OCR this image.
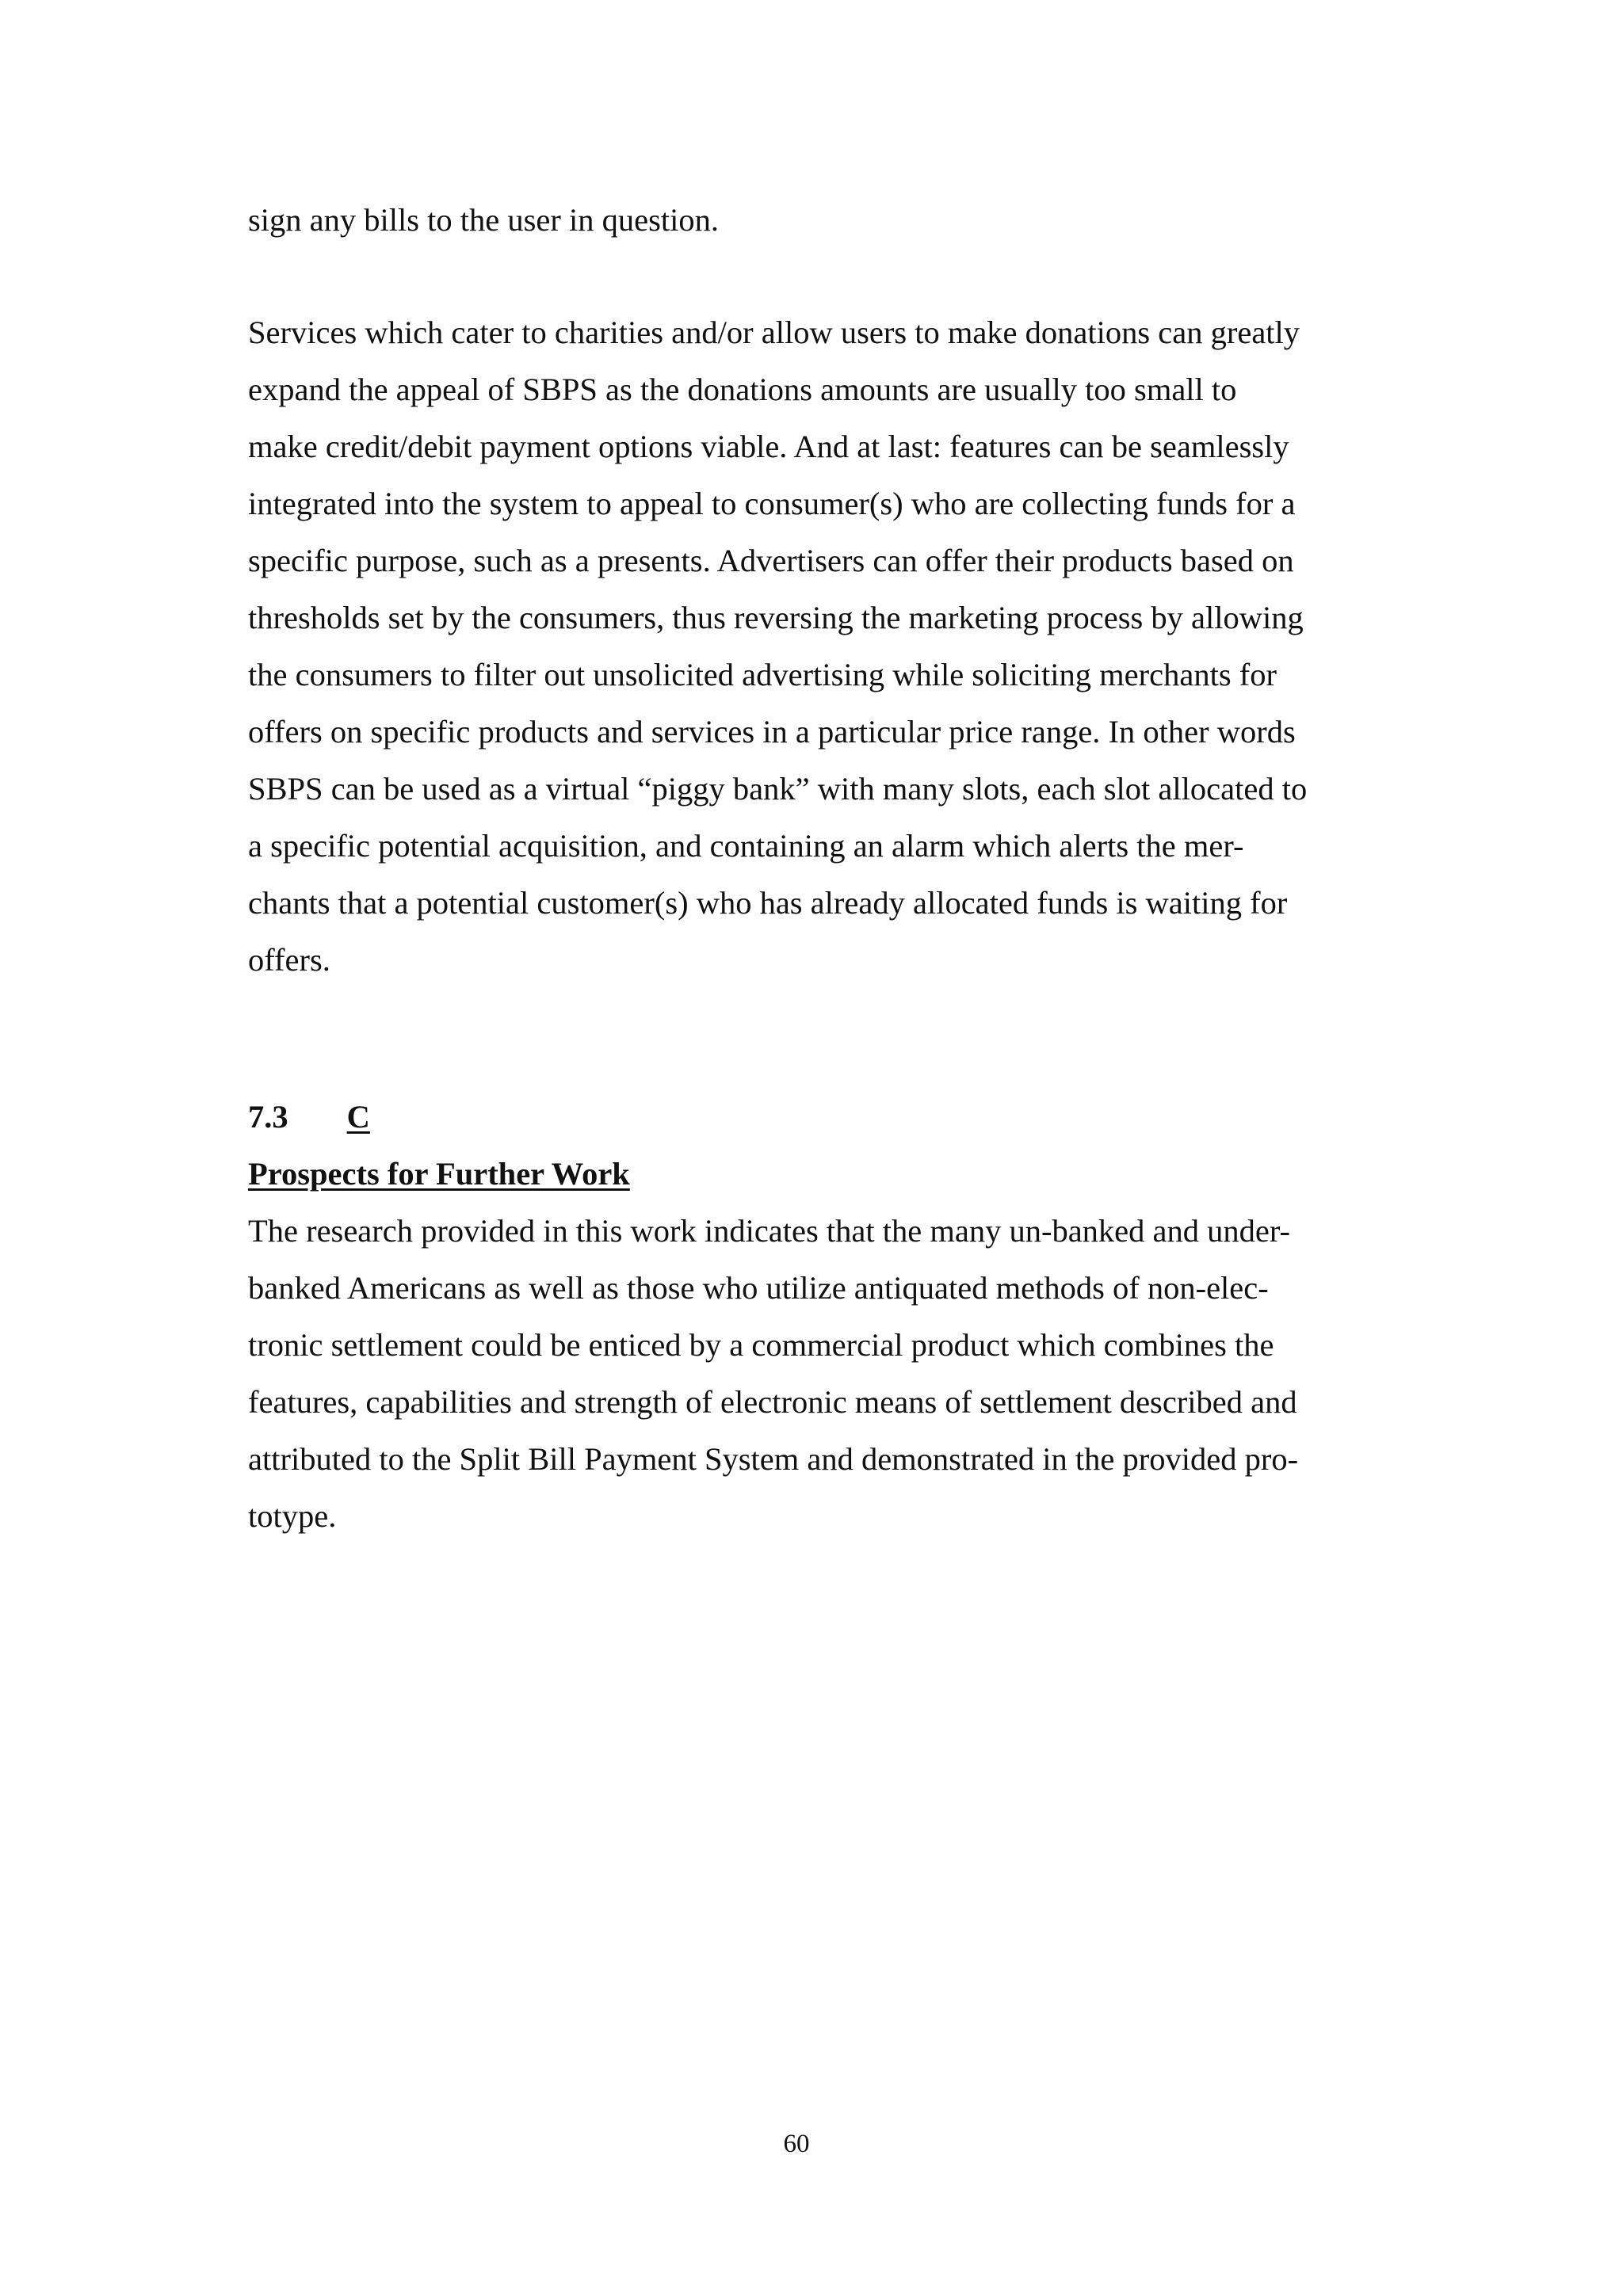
sign any bills to the user in question.
Services which cater to charities and/or allow users to make donations can greatly
expand the appeal of SBPS as the donations amounts are usually too small to
make credit/debit payment options viable. And at last: features can be seamlessly
integrated into the system to appeal to consumer(s) who are collecting funds for a
specific purpose, such as a presents. Advertisers can offer their products based on
thresholds set by the consumers, thus reversing the marketing process by allowing
the consumers to filter out unsolicited advertising while soliciting merchants for
offers on specific products and services in a particular price range. In other words
SBPS can be used as a virtual “piggy bank” with many slots, each slot allocated to
a specific potential acquisition, and containing an alarm which alerts the mer-
chants that a potential customer(s) who has already allocated funds is waiting for
offers.
7.3 C
Prospects for Further Work
The research provided in this work indicates that the many un-banked and under-
banked Americans as well as those who utilize antiquated methods of non-elec-
tronic settlement could be enticed by a commercial product which combines the
features, capabilities and strength of electronic means of settlement described and
attributed to the Split Bill Payment System and demonstrated in the provided pro-
totype.
60
